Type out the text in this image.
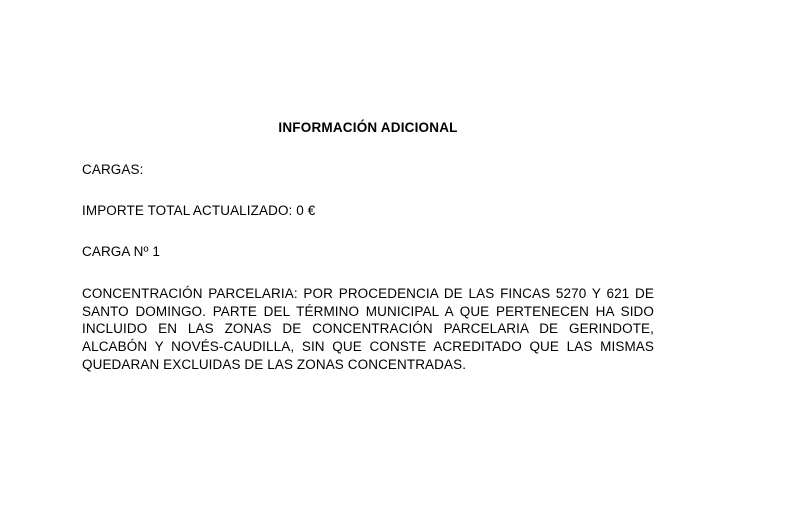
INFORMACIÓN ADICIONAL

CARGAS:

IMPORTE TOTAL ACTUALIZADO: 0 €

CARGA Nº 1

CONCENTRACIÓN PARCELARIA: POR PROCEDENCIA DE LAS FINCAS 5270 Y 621 DE SANTO DOMINGO. PARTE DEL TÉRMINO MUNICIPAL A QUE PERTENECEN HA SIDO INCLUIDO EN LAS ZONAS DE CONCENTRACIÓN PARCELARIA DE GERINDOTE, ALCABÓN Y NOVÉS-CAUDILLA, SIN QUE CONSTE ACREDITADO QUE LAS MISMAS QUEDARAN EXCLUIDAS DE LAS ZONAS CONCENTRADAS.
